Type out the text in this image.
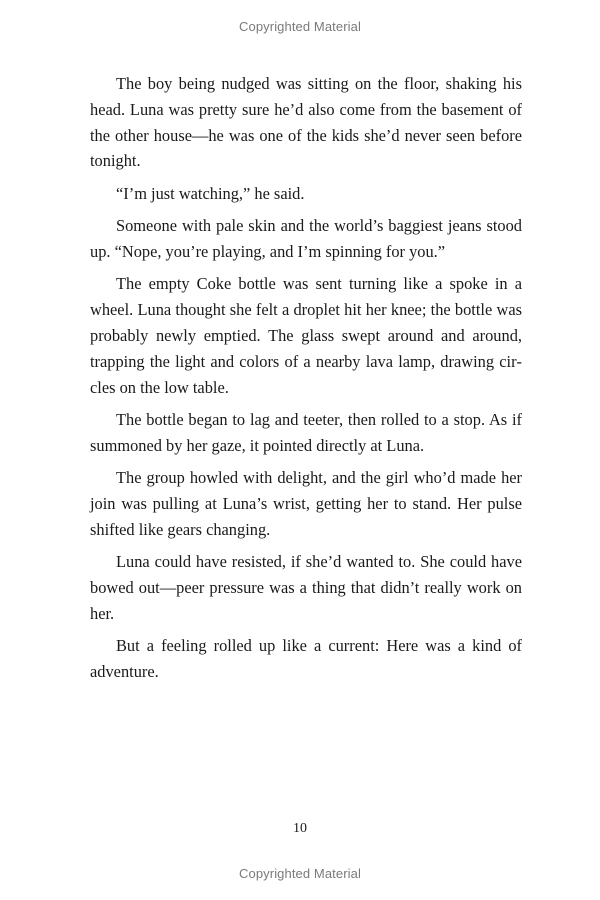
Copyrighted Material

The boy being nudged was sitting on the floor, shaking his head. Luna was pretty sure he’d also come from the basement of the other house—he was one of the kids she’d never seen before tonight.

“I’m just watching,” he said.

Someone with pale skin and the world’s baggiest jeans stood up. “Nope, you’re playing, and I’m spinning for you.”

The empty Coke bottle was sent turning like a spoke in a wheel. Luna thought she felt a droplet hit her knee; the bottle was probably newly emptied. The glass swept around and around, trapping the light and colors of a nearby lava lamp, drawing circles on the low table.

The bottle began to lag and teeter, then rolled to a stop. As if summoned by her gaze, it pointed directly at Luna.

The group howled with delight, and the girl who’d made her join was pulling at Luna’s wrist, getting her to stand. Her pulse shifted like gears changing.

Luna could have resisted, if she’d wanted to. She could have bowed out—peer pressure was a thing that didn’t really work on her.

But a feeling rolled up like a current: Here was a kind of adventure.

10
Copyrighted Material
